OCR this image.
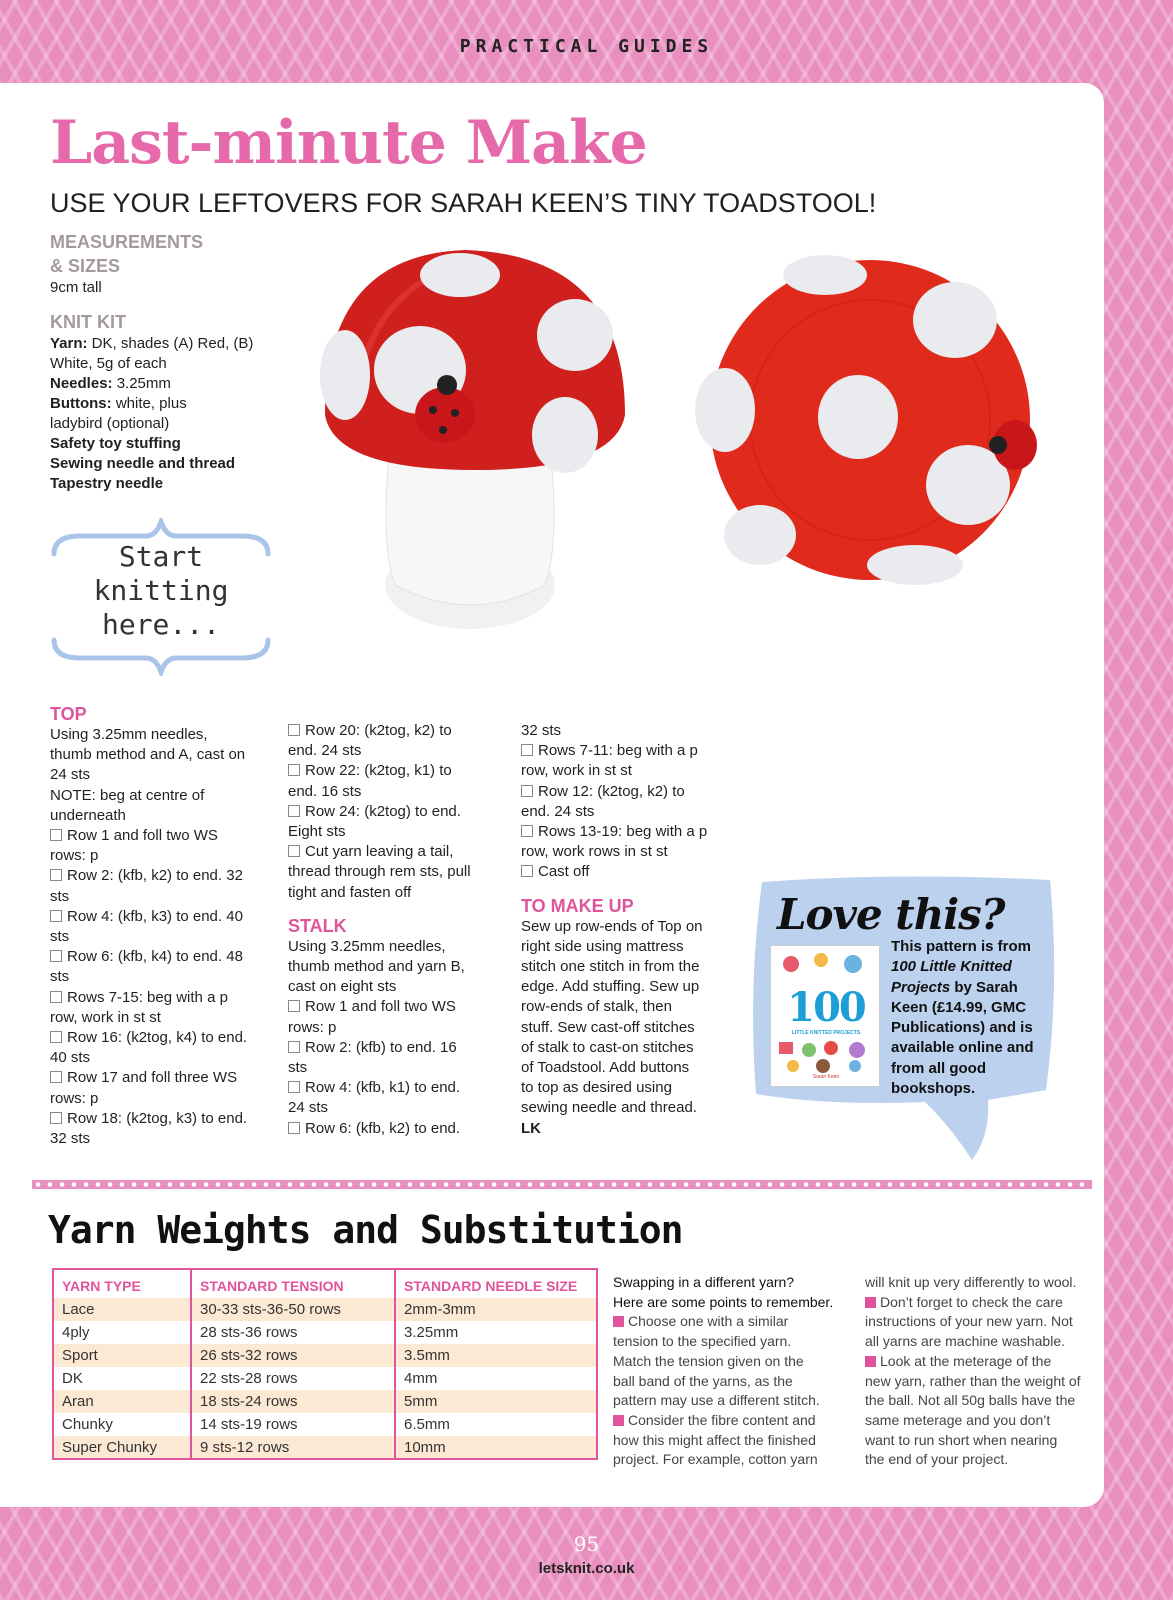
PRACTICAL GUIDES
Last-minute Make
USE YOUR LEFTOVERS FOR SARAH KEEN’S TINY TOADSTOOL!
MEASUREMENTS
& SIZES
9cm tall
KNIT KIT

Yarn: DK, shades (A) Red, (B)

White, 5g of each

Needles: 3.25mm

Buttons: white, plus

ladybird (optional)

Safety toy stuffing

Sewing needle and thread

Tapestry needle

Start
knitting
here...
TOP

Using 3.25mm needles,

thumb method and A, cast on

24 sts

NOTE: beg at centre of

underneath

Row 1 and foll two WS

rows: p

Row 2: (kfb, k2) to end. 32

sts

Row 4: (kfb, k3) to end. 40

sts

Row 6: (kfb, k4) to end. 48

sts

Rows 7-15: beg with a p

row, work in st st

Row 16: (k2tog, k4) to end.

40 sts

Row 17 and foll three WS

rows: p

Row 18: (k2tog, k3) to end.

32 sts

Row 20: (k2tog, k2) to

end. 24 sts

Row 22: (k2tog, k1) to

end. 16 sts

Row 24: (k2tog) to end.

Eight sts

Cut yarn leaving a tail,

thread through rem sts, pull

tight and fasten off

STALK

Using 3.25mm needles,

thumb method and yarn B,

cast on eight sts

Row 1 and foll two WS

rows: p

Row 2: (kfb) to end. 16

sts

Row 4: (kfb, k1) to end.

24 sts

Row 6: (kfb, k2) to end.

32 sts

Rows 7-11: beg with a p

row, work in st st

Row 12: (k2tog, k2) to

end. 24 sts

Rows 13-19: beg with a p

row, work rows in st st

Cast off

TO MAKE UP

Sew up row-ends of Top on

right side using mattress

stitch one stitch in from the

edge. Add stuffing. Sew up

row-ends of stalk, then

stuff. Sew cast-off stitches

of stalk to cast-on stitches

of Toadstool. Add buttons

to top as desired using

sewing needle and thread.

LK

Love this?
100
LITTLE KNITTED PROJECTS
Sarah Keen
This pattern is from
100 Little Knitted
Projects by Sarah
Keen (£14.99, GMC
Publications) and is
available online and
from all good
bookshops.
Yarn Weights and Substitution
YARN TYPE	STANDARD TENSION	STANDARD NEEDLE SIZE
Lace	30-33 sts-36-50 rows	2mm-3mm
4ply	28 sts-36 rows	3.25mm
Sport	26 sts-32 rows	3.5mm
DK	22 sts-28 rows	4mm
Aran	18 sts-24 rows	5mm
Chunky	14 sts-19 rows	6.5mm
Super Chunky	9 sts-12 rows	10mm
Swapping in a different yarn?
Here are some points to remember.
Choose one with a similar
tension to the specified yarn.
Match the tension given on the
ball band of the yarns, as the
pattern may use a different stitch.
Consider the fibre content and
how this might affect the finished
project. For example, cotton yarn
will knit up very differently to wool.
Don’t forget to check the care
instructions of your new yarn. Not
all yarns are machine washable.
Look at the meterage of the
new yarn, rather than the weight of
the ball. Not all 50g balls have the
same meterage and you don’t
want to run short when nearing
the end of your project.
95
letsknit.co.uk
